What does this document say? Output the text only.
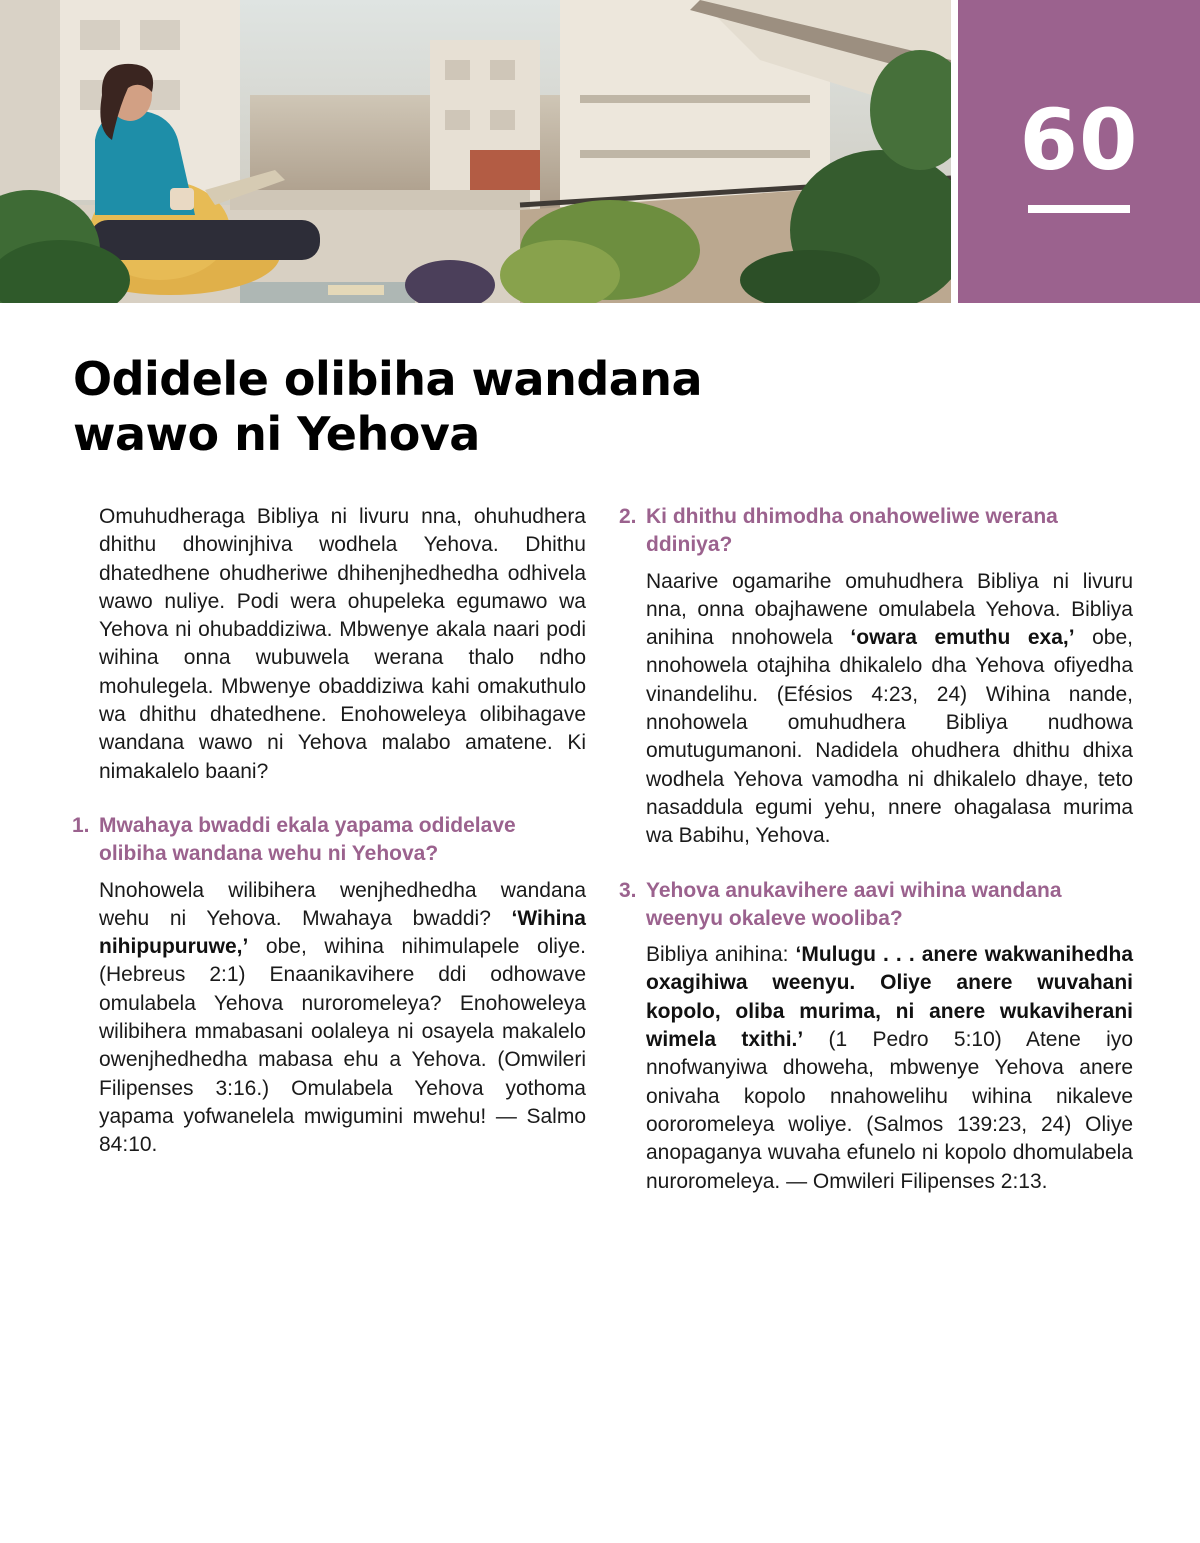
60
Odidele olibiha wandana
wawo ni Yehova

Omuhudheraga Bibliya ni livuru nna, ohuhudhera dhithu dhowinjhiva wodhela Yehova. Dhithu dhatedhene ohudheriwe dhihenjhedhedha odhivela wawo nuliye. Podi wera ohupeleka egumawo wa Yehova ni ohubaddiziwa. Mbwenye akala naari podi wihina onna wubuwela werana thalo ndho mohulegela. Mbwenye obaddiziwa kahi omakuthulo wa dhithu dhatedhene. Enohoweleya olibihagave wandana wawo ni Yehova malabo amatene. Ki nimakalelo baani?

1. Mwahaya bwaddi ekala yapama odidelave olibiha wandana wehu ni Yehova?

Nnohowela wilibihera wenjhedhedha wandana wehu ni Yehova. Mwahaya bwaddi? ‘Wihina nihipupuruwe,’ obe, wihina nihimulapele oliye. (Hebreus 2:1) Enaanikavihere ddi odhowave omulabela Yehova nuroromeleya? Enohoweleya wilibihera mmabasani oolaleya ni osayela makalelo owenjhedhedha mabasa ehu a Yehova. (Omwileri Filipenses 3:16.) Omulabela Yehova yothoma yapama yofwanelela mwigumini mwehu! — Salmo 84:10.

2. Ki dhithu dhimodha onahoweliwe werana ddiniya?

Naarive ogamarihe omuhudhera Bibliya ni livuru nna, onna obajhawene omulabela Yehova. Bibliya anihina nnohowela ‘owara emuthu exa,’ obe, nnohowela otajhiha dhikalelo dha Yehova ofiyedha vinandelihu. (Efésios 4:23, 24) Wihina nande, nnohowela omuhudhera Bibliya nudhowa omutugumanoni. Nadidela ohudhera dhithu dhixa wodhela Yehova vamodha ni dhikalelo dhaye, teto nasaddula egumi yehu, nnere ohagalasa murima wa Babihu, Yehova.

3. Yehova anukavihere aavi wihina wandana weenyu okaleve wooliba?

Bibliya anihina: ‘Mulugu . . . anere wakwanihedha oxagihiwa weenyu. Oliye anere wuvahani kopolo, oliba murima, ni anere wukaviherani wimela txithi.’ (1 Pedro 5:10) Atene iyo nnofwanyiwa dhoweha, mbwenye Yehova anere onivaha kopolo nnahowelihu wihina nikaleve oororomeleya woliye. (Salmos 139:23, 24) Oliye anopaganya wuvaha efunelo ni kopolo dhomulabela nuroromeleya. — Omwileri Filipenses 2:13.
